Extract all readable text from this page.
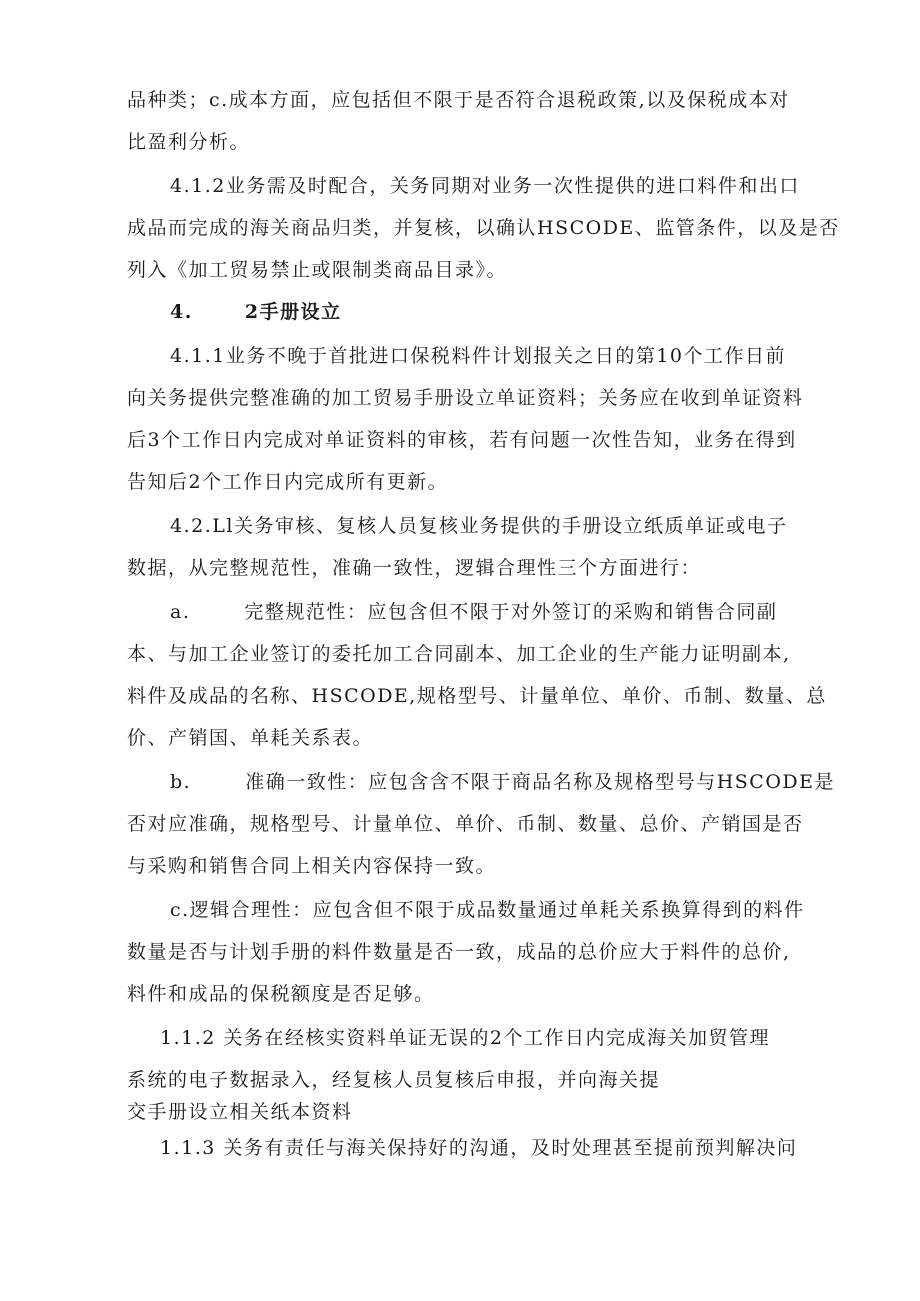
品种类；c.成本方面，应包括但不限于是否符合退税政策,以及保税成本对
比盈利分析。
4.1.2业务需及时配合，关务同期对业务一次性提供的进口料件和出口
成品而完成的海关商品归类，并复核，以确认HSCODE、监管条件，以及是否
列入《加工贸易禁止或限制类商品目录》。
4.	2手册设立
4.1.1业务不晚于首批进口保税料件计划报关之日的第10个工作日前
向关务提供完整准确的加工贸易手册设立单证资料；关务应在收到单证资料
后3个工作日内完成对单证资料的审核，若有问题一次性告知，业务在得到
告知后2个工作日内完成所有更新。
4.2.Ll关务审核、复核人员复核业务提供的手册设立纸质单证或电子
数据，从完整规范性，准确一致性，逻辑合理性三个方面进行：
a.	完整规范性：应包含但不限于对外签订的采购和销售合同副
本、与加工企业签订的委托加工合同副本、加工企业的生产能力证明副本,
料件及成品的名称、HSCODE,规格型号、计量单位、单价、币制、数量、总
价、产销国、单耗关系表。
b.	准确一致性：应包含含不限于商品名称及规格型号与HSCODE是
否对应准确，规格型号、计量单位、单价、币制、数量、总价、产销国是否
与采购和销售合同上相关内容保持一致。
c.逻辑合理性：应包含但不限于成品数量通过单耗关系换算得到的料件
数量是否与计划手册的料件数量是否一致，成品的总价应大于料件的总价,
料件和成品的保税额度是否足够。
1.1.2 关务在经核实资料单证无误的2个工作日内完成海关加贸管理
系统的电子数据录入，经复核人员复核后申报，并向海关提
交手册设立相关纸本资料
1.1.3 关务有责任与海关保持好的沟通，及时处理甚至提前预判解决问
